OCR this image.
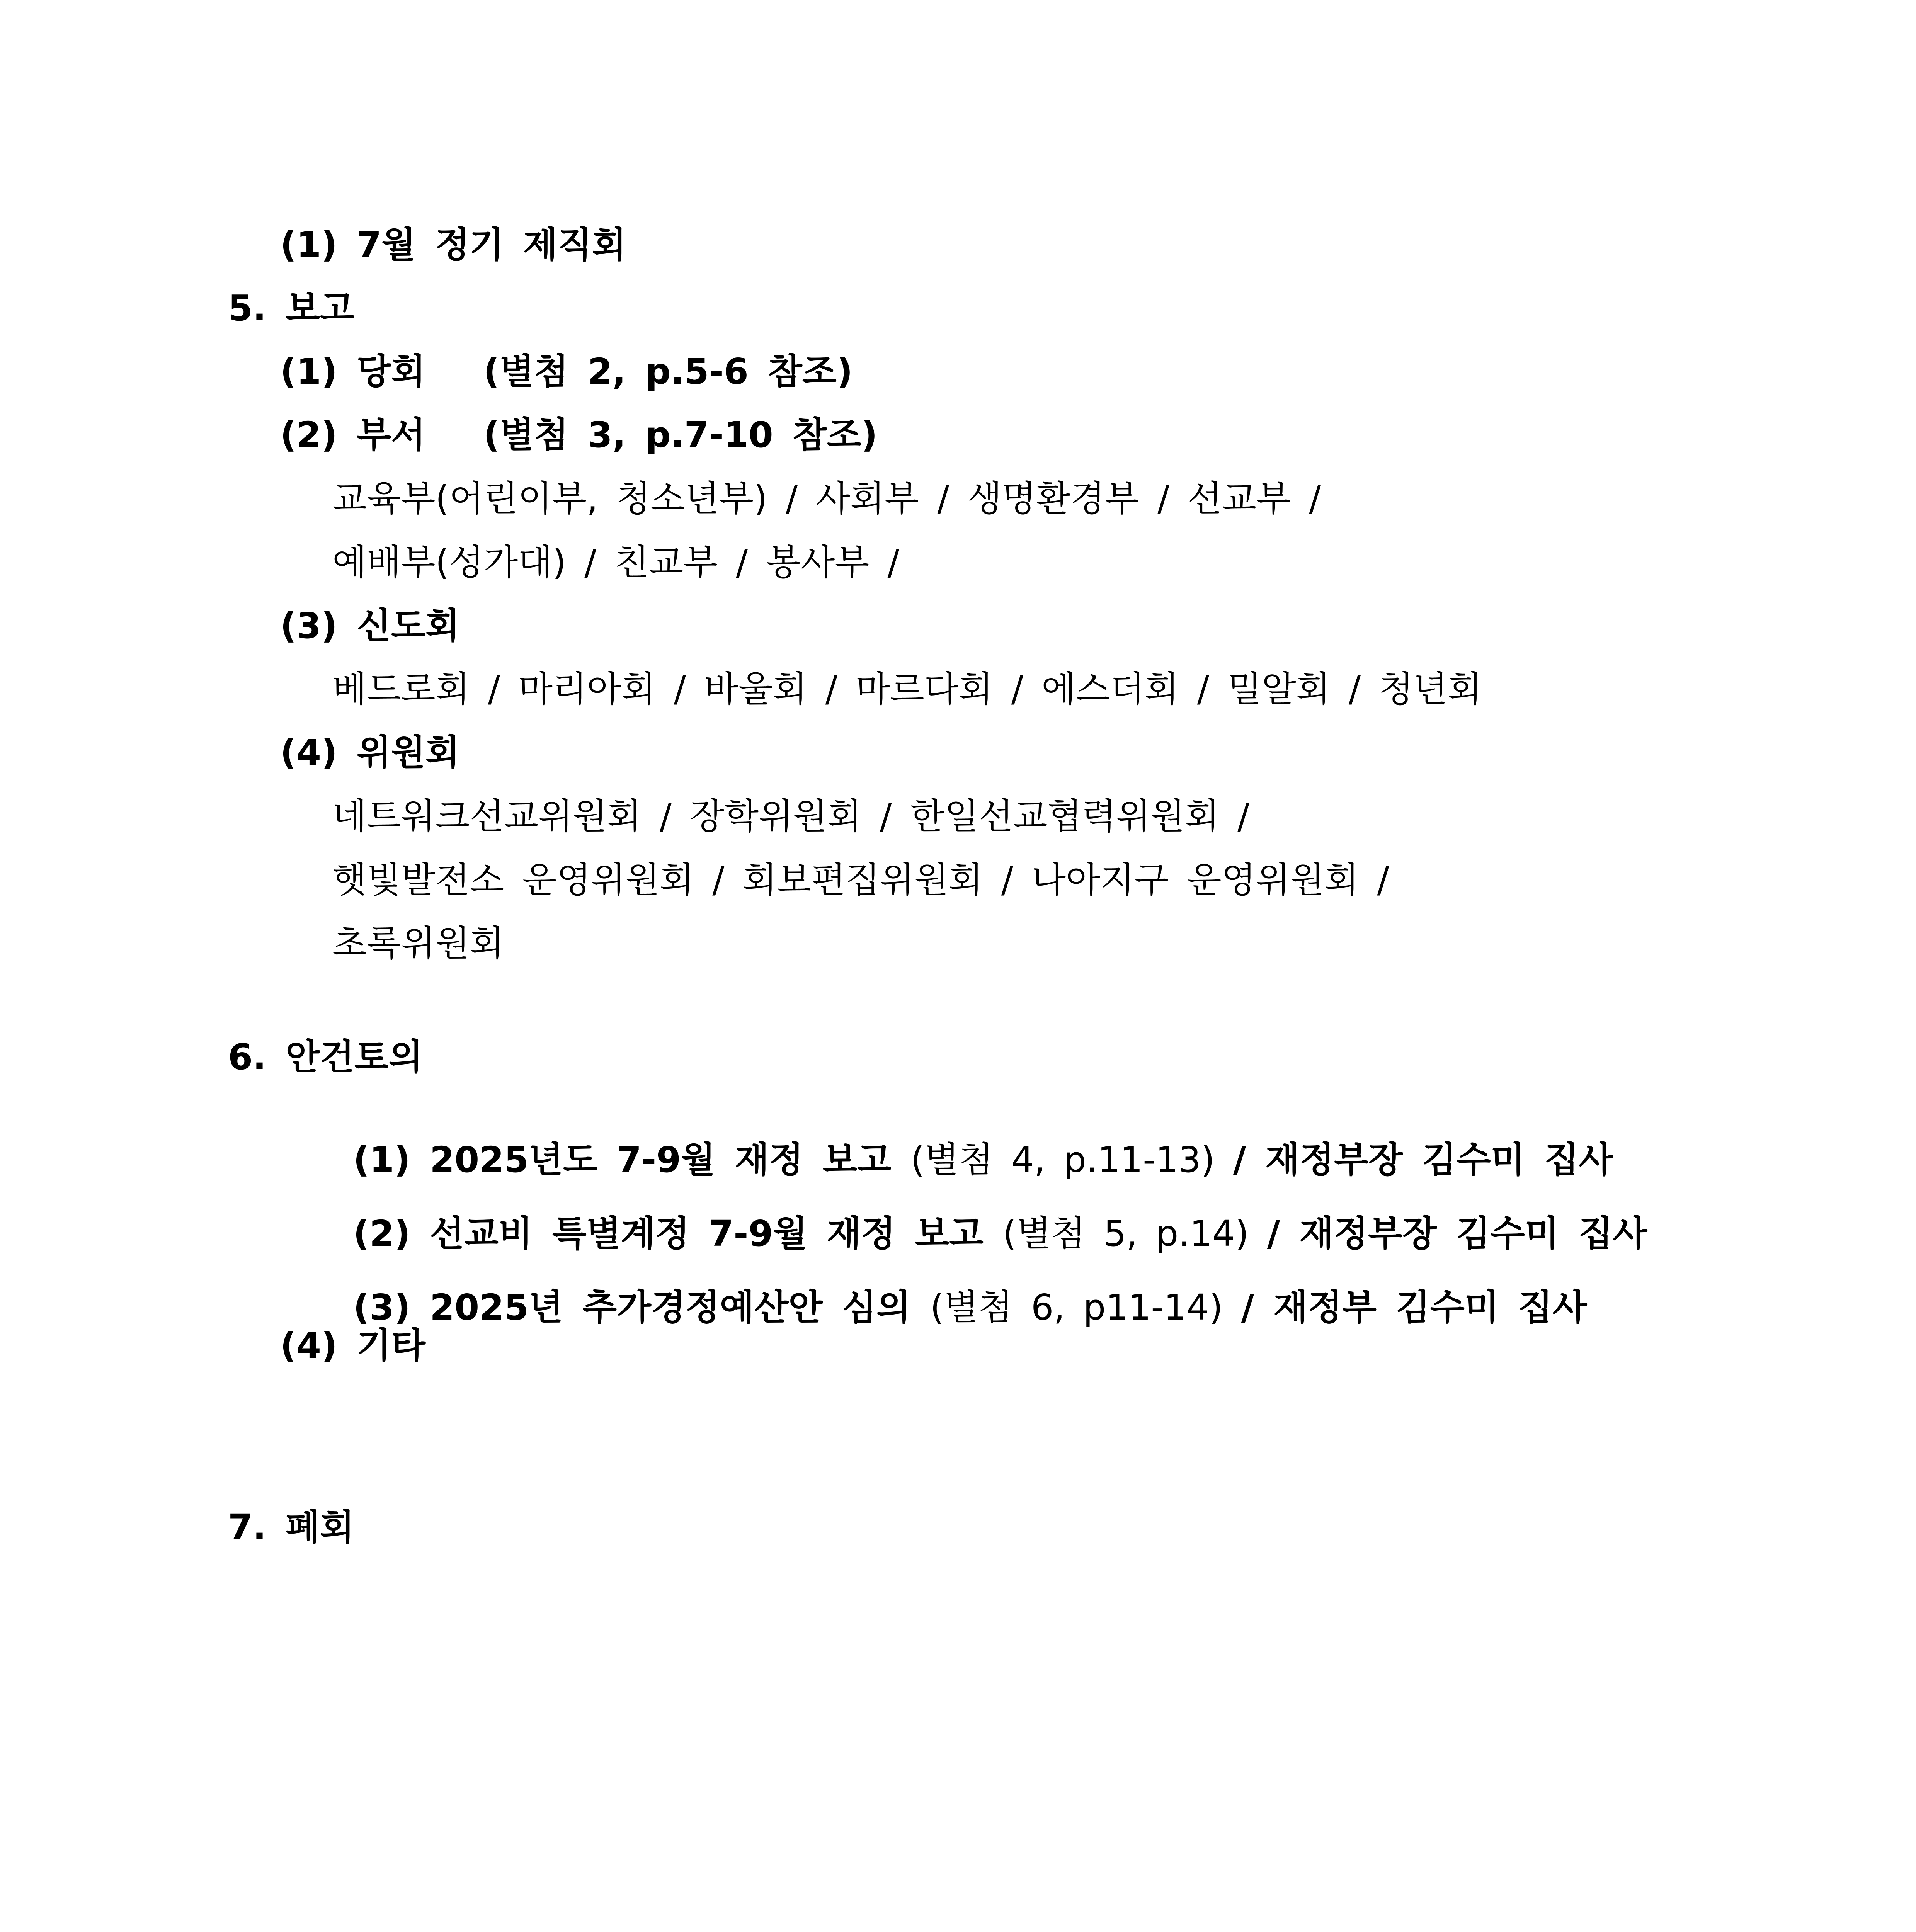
(1) 7월 정기 제직회
5. 보고
(1) 당회   (별첨 2, p.5-6 참조)
(2) 부서   (별첨 3, p.7-10 참조)
교육부(어린이부, 청소년부) / 사회부 / 생명환경부 / 선교부 /
예배부(성가대) / 친교부 / 봉사부 /
(3) 신도회
베드로회 / 마리아회 / 바울회 / 마르다회 / 에스더회 / 밀알회 / 청년회
(4) 위원회
네트워크선교위원회 / 장학위원회 / 한일선교협력위원회 /
햇빛발전소 운영위원회 / 회보편집위원회 / 나아지구 운영위원회 /
초록위원회
6. 안건토의

(1) 2025년도 7-9월 재정 보고 (별첨 4, p.11-13) / 재정부장 김수미 집사

(2) 선교비 특별계정 7-9월 재정 보고 (별첨 5, p.14) / 재정부장 김수미 집사

(3) 2025년 추가경정예산안 심의 (별첨 6, p11-14) / 재정부 김수미 집사

(4) 기타
7. 폐회
